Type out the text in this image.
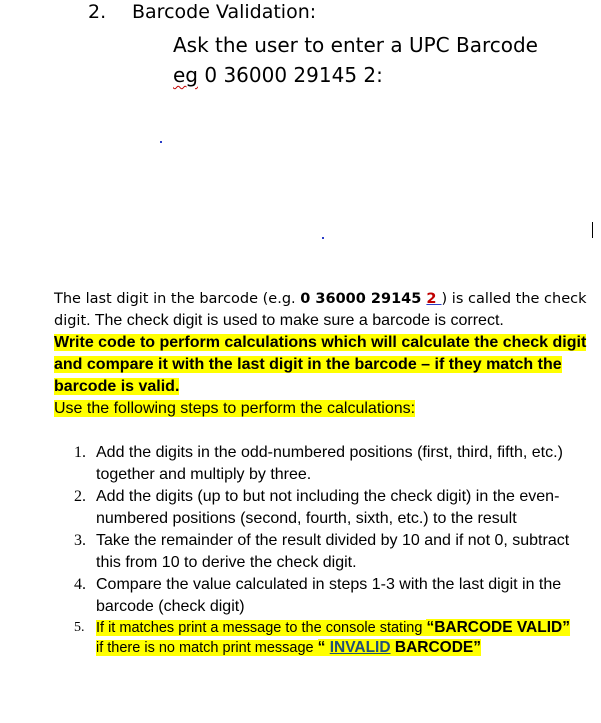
2. Barcode Validation:
Ask the user to enter a UPC Barcode
eg 0 36000 29145 2:
The last digit in the barcode (e.g. 0 36000 29145 2 ) is called the check digit. The check digit is used to make sure a barcode is correct.
Write code to perform calculations which will calculate the check digit and compare it with the last digit in the barcode – if they match the barcode is valid.
Use the following steps to perform the calculations:
1. Add the digits in the odd-numbered positions (first, third, fifth, etc.) together and multiply by three.
2. Add the digits (up to but not including the check digit) in the even-numbered positions (second, fourth, sixth, etc.) to the result
3. Take the remainder of the result divided by 10 and if not 0, subtract this from 10 to derive the check digit.
4. Compare the value calculated in steps 1-3 with the last digit in the barcode (check digit)
5. If it matches print a message to the console stating “BARCODE VALID”
if there is no match print message “ INVALID BARCODE”
